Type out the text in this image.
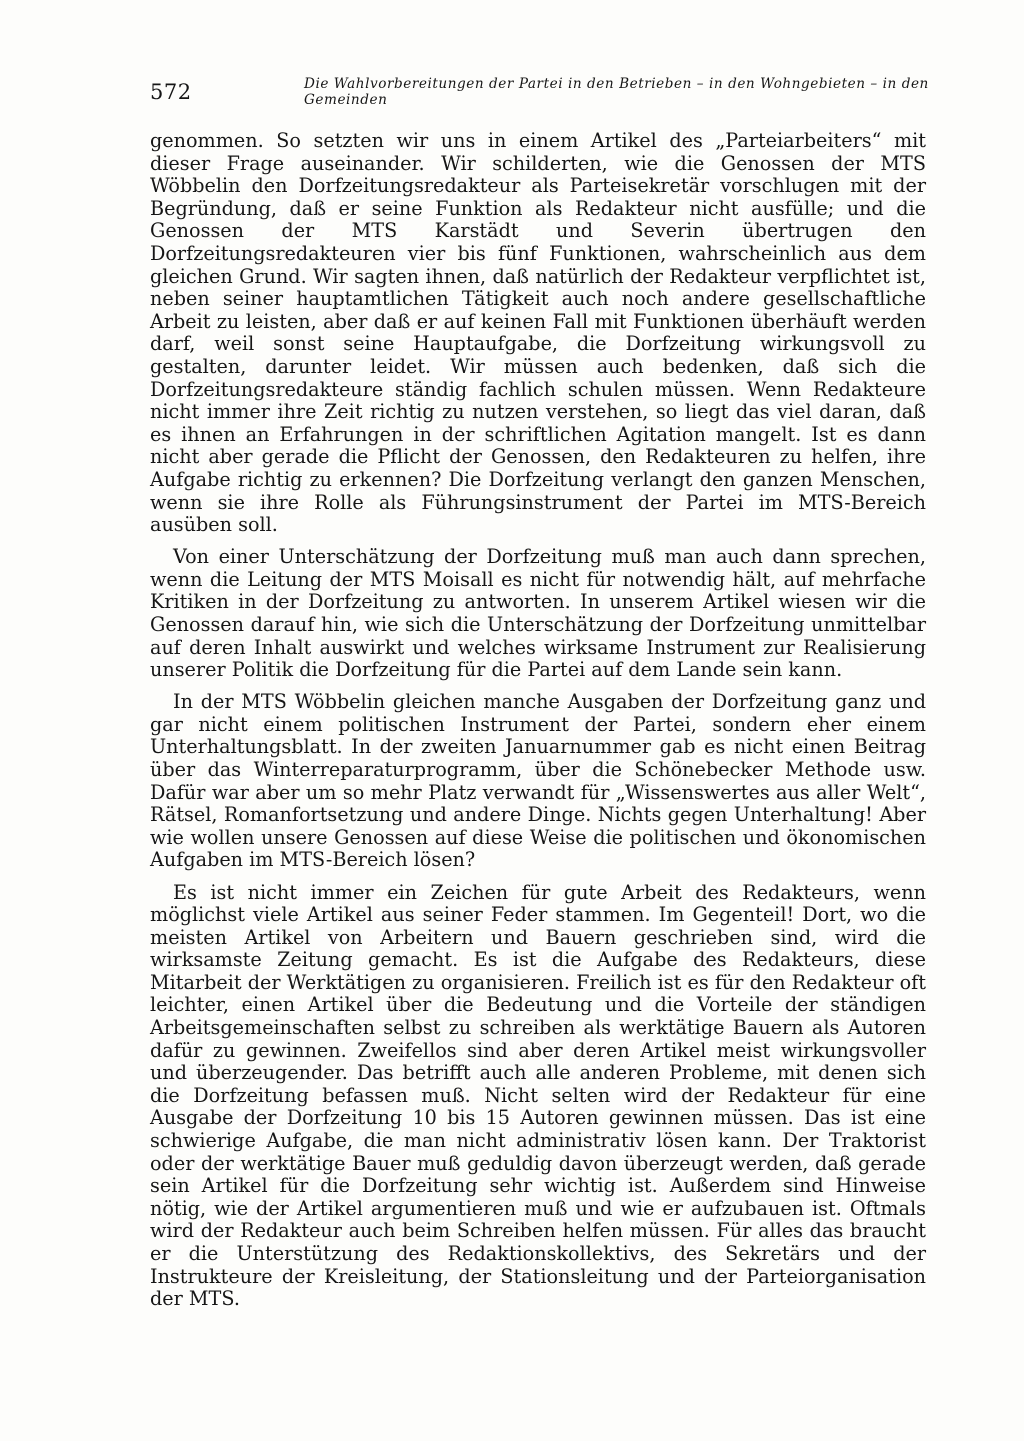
572	Die Wahlvorbereitungen der Partei in den Betrieben – in den Wohngebieten – in den Gemeinden

genommen. So setzten wir uns in einem Artikel des „Parteiarbeiters“ mit dieser Frage auseinander. Wir schilderten, wie die Genossen der MTS Wöbbelin den Dorfzeitungsredakteur als Parteisekretär vorschlugen mit der Begründung, daß er seine Funktion als Redakteur nicht ausfülle; und die Genossen der MTS Karstädt und Severin übertrugen den Dorfzeitungsredakteuren vier bis fünf Funktionen, wahrscheinlich aus dem gleichen Grund. Wir sagten ihnen, daß natürlich der Redakteur verpflichtet ist, neben seiner hauptamtlichen Tätigkeit auch noch andere gesellschaftliche Arbeit zu leisten, aber daß er auf keinen Fall mit Funktionen überhäuft werden darf, weil sonst seine Hauptaufgabe, die Dorfzeitung wirkungsvoll zu gestalten, darunter leidet. Wir müssen auch bedenken, daß sich die Dorfzeitungsredakteure ständig fachlich schulen müssen. Wenn Redakteure nicht immer ihre Zeit richtig zu nutzen verstehen, so liegt das viel daran, daß es ihnen an Erfahrungen in der schriftlichen Agitation mangelt. Ist es dann nicht aber gerade die Pflicht der Genossen, den Redakteuren zu helfen, ihre Aufgabe richtig zu erkennen? Die Dorfzeitung verlangt den ganzen Menschen, wenn sie ihre Rolle als Führungsinstrument der Partei im MTS-Bereich ausüben soll.

Von einer Unterschätzung der Dorfzeitung muß man auch dann sprechen, wenn die Leitung der MTS Moisall es nicht für notwendig hält, auf mehrfache Kritiken in der Dorfzeitung zu antworten. In unserem Artikel wiesen wir die Genossen darauf hin, wie sich die Unterschätzung der Dorfzeitung unmittelbar auf deren Inhalt auswirkt und welches wirksame Instrument zur Realisierung unserer Politik die Dorfzeitung für die Partei auf dem Lande sein kann.

In der MTS Wöbbelin gleichen manche Ausgaben der Dorfzeitung ganz und gar nicht einem politischen Instrument der Partei, sondern eher einem Unterhaltungsblatt. In der zweiten Januarnummer gab es nicht einen Beitrag über das Winterreparaturprogramm, über die Schönebecker Methode usw. Dafür war aber um so mehr Platz verwandt für „Wissenswertes aus aller Welt“, Rätsel, Romanfortsetzung und andere Dinge. Nichts gegen Unterhaltung! Aber wie wollen unsere Genossen auf diese Weise die politischen und ökonomischen Aufgaben im MTS-Bereich lösen?

Es ist nicht immer ein Zeichen für gute Arbeit des Redakteurs, wenn möglichst viele Artikel aus seiner Feder stammen. Im Gegenteil! Dort, wo die meisten Artikel von Arbeitern und Bauern geschrieben sind, wird die wirksamste Zeitung gemacht. Es ist die Aufgabe des Redakteurs, diese Mitarbeit der Werktätigen zu organisieren. Freilich ist es für den Redakteur oft leichter, einen Artikel über die Bedeutung und die Vorteile der ständigen Arbeitsgemeinschaften selbst zu schreiben als werktätige Bauern als Autoren dafür zu gewinnen. Zweifellos sind aber deren Artikel meist wirkungsvoller und überzeugender. Das betrifft auch alle anderen Probleme, mit denen sich die Dorfzeitung befassen muß. Nicht selten wird der Redakteur für eine Ausgabe der Dorfzeitung 10 bis 15 Autoren gewinnen müssen. Das ist eine schwierige Aufgabe, die man nicht administrativ lösen kann. Der Traktorist oder der werktätige Bauer muß geduldig davon überzeugt werden, daß gerade sein Artikel für die Dorfzeitung sehr wichtig ist. Außerdem sind Hinweise nötig, wie der Artikel argumentieren muß und wie er aufzubauen ist. Oftmals wird der Redakteur auch beim Schreiben helfen müssen. Für alles das braucht er die Unterstützung des Redaktionskollektivs, des Sekretärs und der Instrukteure der Kreisleitung, der Stationsleitung und der Parteiorganisation der MTS.
